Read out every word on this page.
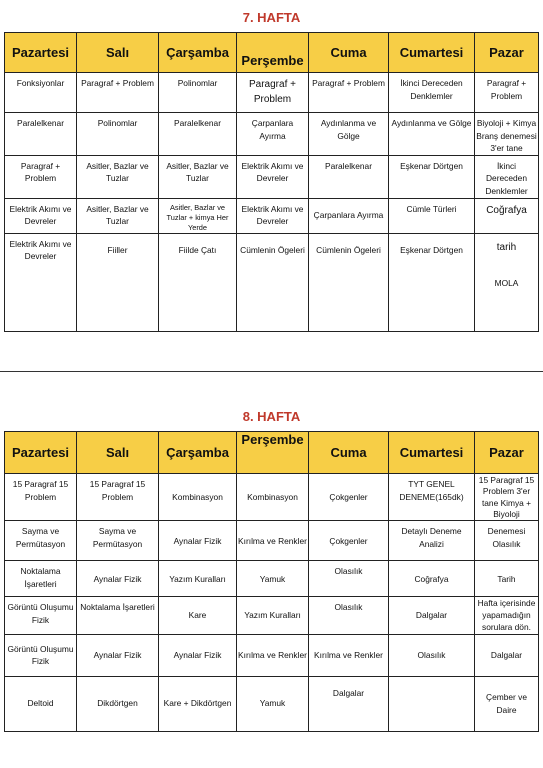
7. HAFTA
Pazartesi	Salı	Çarşamba	Perşembe	Cuma	Cumartesi	Pazar
Fonksiyonlar	Paragraf + Problem	Polinomlar	Paragraf + Problem	Paragraf + Problem	İkinci Dereceden Denklemler	Paragraf + Problem
Paralelkenar	Polinomlar	Paralelkenar	Çarpanlara Ayırma	Aydınlanma ve Gölge	Aydınlanma ve Gölge	Biyoloji + Kimya Branş denemesi 3'er tane
Paragraf + Problem	Asitler, Bazlar ve Tuzlar	Asitler, Bazlar ve Tuzlar	Elektrik Akımı ve Devreler	Paralelkenar	Eşkenar Dörtgen	İkinci Dereceden Denklemler
Elektrik Akımı ve Devreler	Asitler, Bazlar ve Tuzlar	Asitler, Bazlar ve Tuzlar + kimya Her Yerde	Elektrik Akımı ve Devreler	Çarpanlara Ayırma	Cümle Türleri	Coğrafya
Elektrik Akımı ve Devreler	Fiiller	Fiilde Çatı	Cümlenin Ögeleri	Cümlenin Ögeleri	Eşkenar Dörtgen	tarih
MOLA
8. HAFTA
Pazartesi	Salı	Çarşamba	Perşembe	Cuma	Cumartesi	Pazar
15 Paragraf 15 Problem	15 Paragraf 15 Problem	Kombinasyon	Kombinasyon	Çokgenler	TYT GENEL DENEME(165dk)	15 Paragraf 15 Problem 3'er tane Kimya + Biyoloji
Sayma ve Permütasyon	Sayma ve Permütasyon	Aynalar Fizik	Kırılma ve Renkler	Çokgenler	Detaylı Deneme Analizi	Denemesi Olasılık
Noktalama İşaretleri	Aynalar Fizik	Yazım Kuralları	Yamuk	Olasılık	Coğrafya	Tarih
Görüntü Oluşumu Fizik	Noktalama İşaretleri	Kare	Yazım Kuralları	Olasılık	Dalgalar	Hafta içerisinde yapamadığın sorulara dön.
Görüntü Oluşumu Fizik	Aynalar Fizik	Aynalar Fizik	Kırılma ve Renkler	Kırılma ve Renkler	Olasılık	Dalgalar
Deltoid	Dikdörtgen	Kare + Dikdörtgen	Yamuk	Dalgalar		Çember ve Daire
